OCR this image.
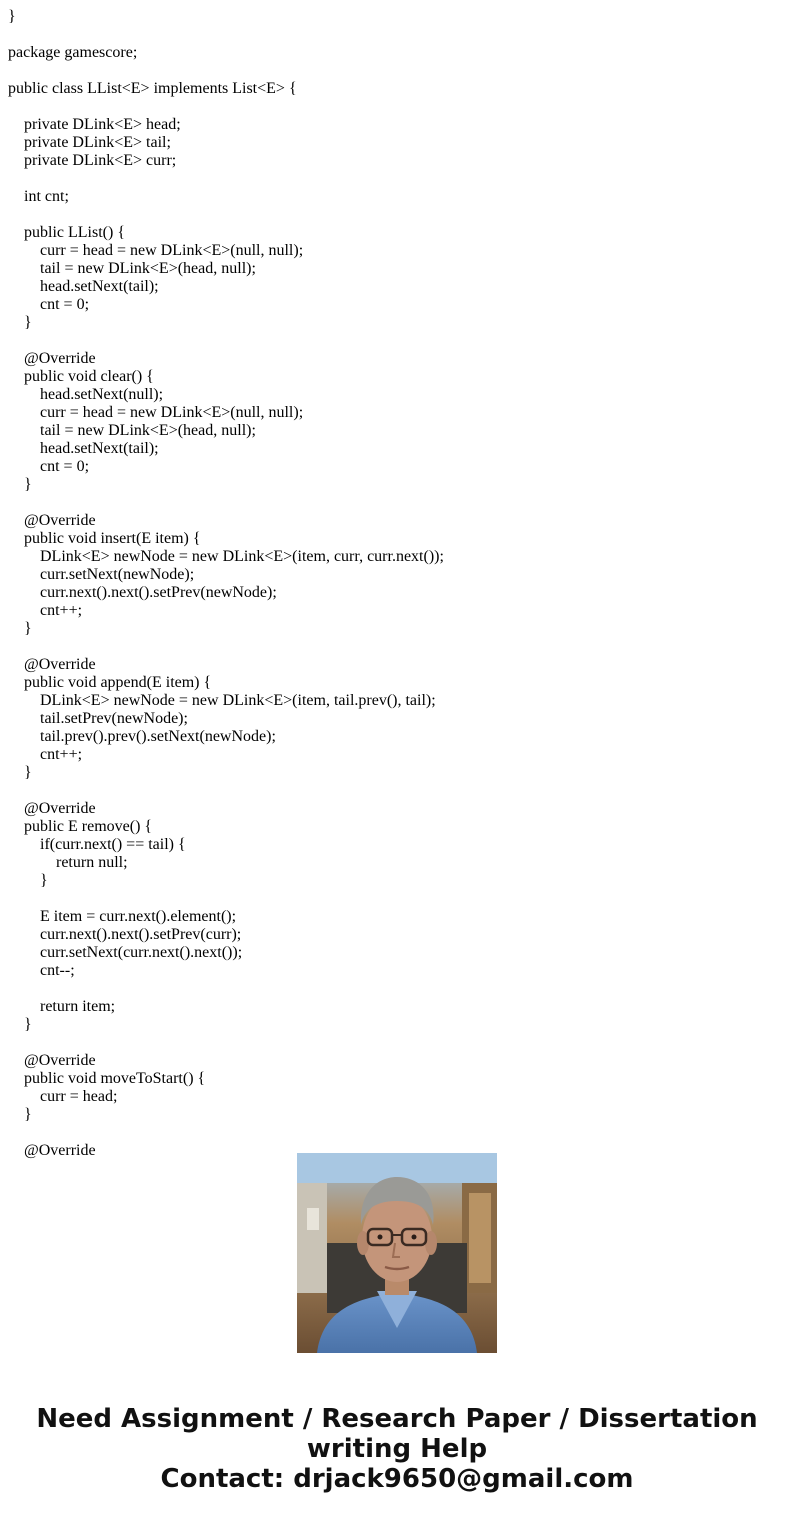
}
package gamescore;
public class LList<E> implements List<E> {
private DLink<E> head;
private DLink<E> tail;
private DLink<E> curr;
int cnt;
public LList() {
curr = head = new DLink<E>(null, null);
tail = new DLink<E>(head, null);
head.setNext(tail);
cnt = 0;
}
@Override
public void clear() {
head.setNext(null);
curr = head = new DLink<E>(null, null);
tail = new DLink<E>(head, null);
head.setNext(tail);
cnt = 0;
}
@Override
public void insert(E item) {
DLink<E> newNode = new DLink<E>(item, curr, curr.next());
curr.setNext(newNode);
curr.next().next().setPrev(newNode);
cnt++;
}
@Override
public void append(E item) {
DLink<E> newNode = new DLink<E>(item, tail.prev(), tail);
tail.setPrev(newNode);
tail.prev().prev().setNext(newNode);
cnt++;
}
@Override
public E remove() {
if(curr.next() == tail) {
return null;
}
E item = curr.next().element();
curr.next().next().setPrev(curr);
curr.setNext(curr.next().next());
cnt--;
return item;
}
@Override
public void moveToStart() {
curr = head;
}
@Override
Need Assignment / Research Paper / Dissertation
writing Help
Contact: drjack9650@gmail.com
